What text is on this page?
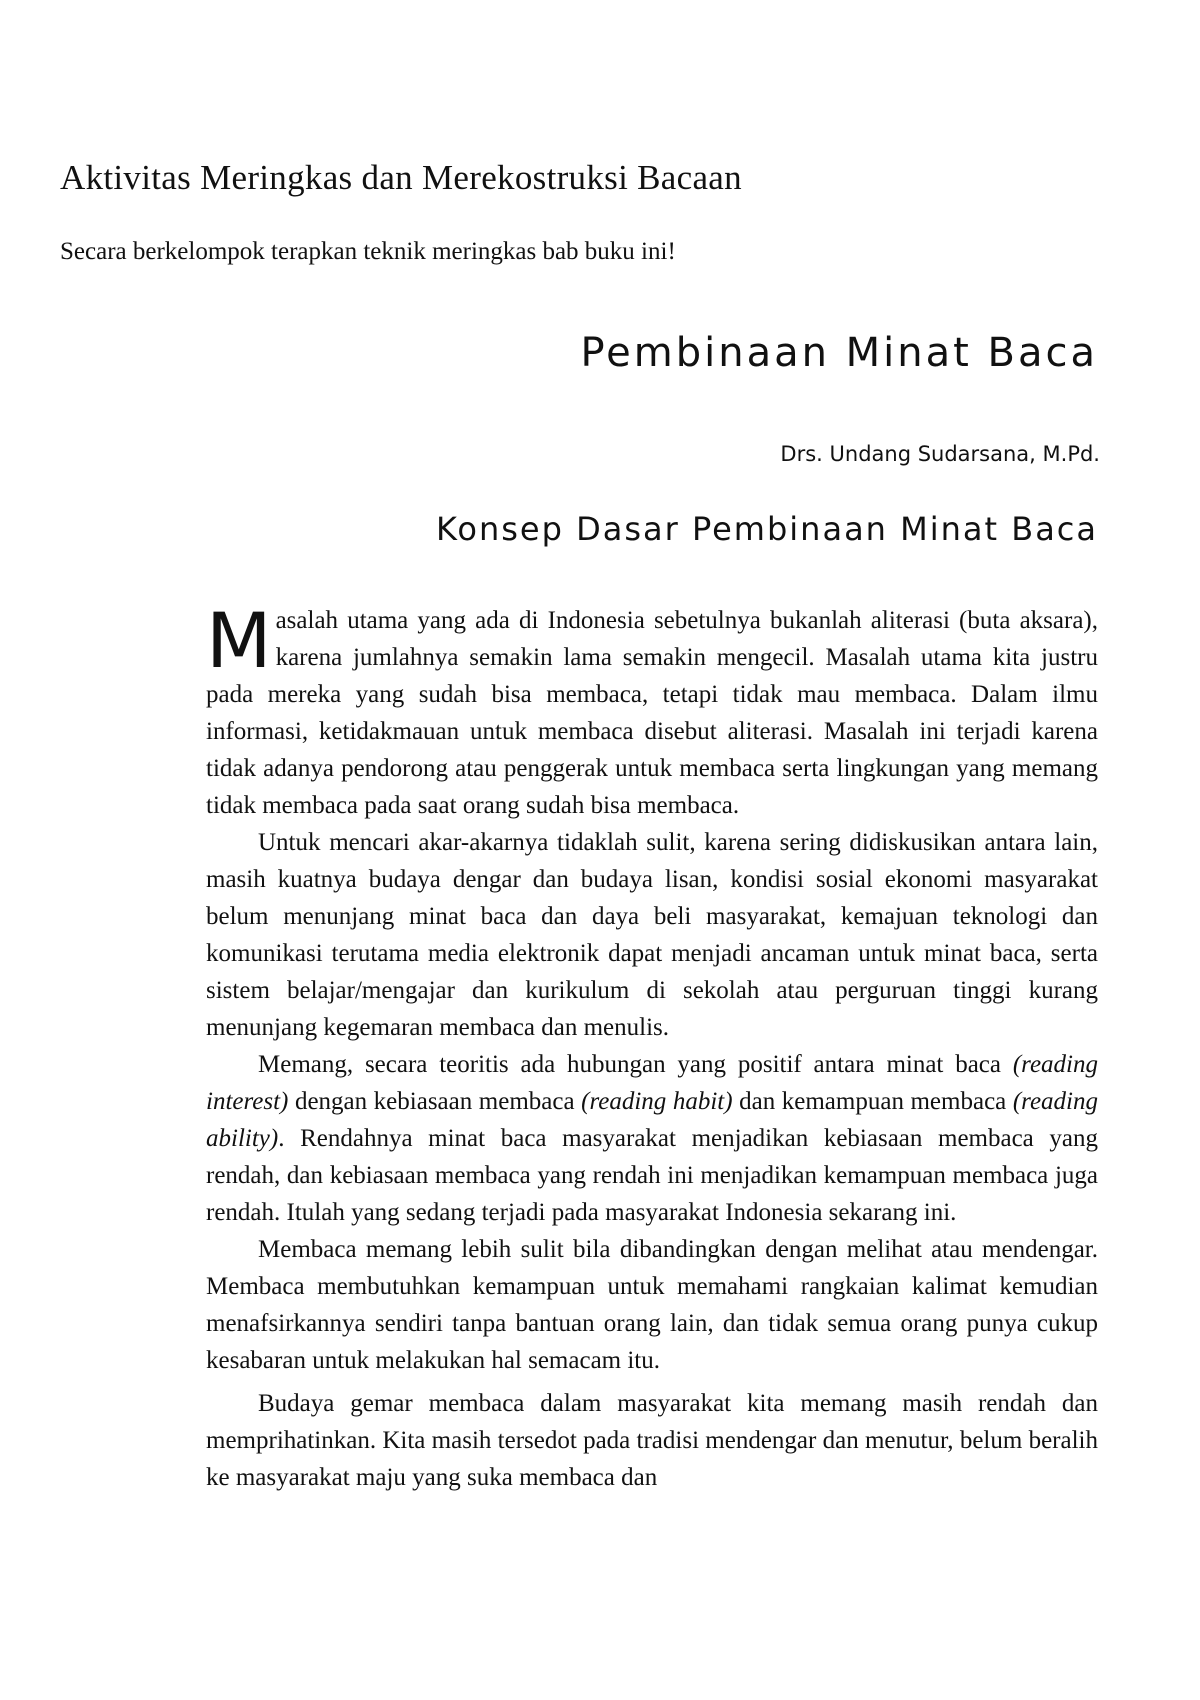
Aktivitas Meringkas dan Merekostruksi Bacaan

Secara berkelompok terapkan teknik meringkas bab buku ini!

Pembinaan Minat Baca

Drs. Undang Sudarsana, M.Pd.

Konsep Dasar Pembinaan Minat Baca

Masalah utama yang ada di Indonesia sebetulnya bukanlah aliterasi (buta aksara), karena jumlahnya semakin lama semakin mengecil. Masalah utama kita justru pada mereka yang sudah bisa membaca, tetapi tidak mau membaca. Dalam ilmu informasi, ketidakmauan untuk membaca disebut aliterasi. Masalah ini terjadi karena tidak adanya pendorong atau penggerak untuk membaca serta lingkungan yang memang tidak membaca pada saat orang sudah bisa membaca.

Untuk mencari akar-akarnya tidaklah sulit, karena sering didiskusikan antara lain, masih kuatnya budaya dengar dan budaya lisan, kondisi sosial ekonomi masyarakat belum menunjang minat baca dan daya beli masyarakat, kemajuan teknologi dan komunikasi terutama media elektronik dapat menjadi ancaman untuk minat baca, serta sistem belajar/mengajar dan kurikulum di sekolah atau perguruan tinggi kurang menunjang kegemaran membaca dan menulis.

Memang, secara teoritis ada hubungan yang positif antara minat baca (reading interest) dengan kebiasaan membaca (reading habit) dan kemampuan membaca (reading ability). Rendahnya minat baca masyarakat menjadikan kebiasaan membaca yang rendah, dan kebiasaan membaca yang rendah ini menjadikan kemampuan membaca juga rendah. Itulah yang sedang terjadi pada masyarakat Indonesia sekarang ini.

Membaca memang lebih sulit bila dibandingkan dengan melihat atau mendengar. Membaca membutuhkan kemampuan untuk memahami rangkaian kalimat kemudian menafsirkannya sendiri tanpa bantuan orang lain, dan tidak semua orang punya cukup kesabaran untuk melakukan hal semacam itu.

Budaya gemar membaca dalam masyarakat kita memang masih rendah dan memprihatinkan. Kita masih tersedot pada tradisi mendengar dan menutur, belum beralih ke masyarakat maju yang suka membaca dan
